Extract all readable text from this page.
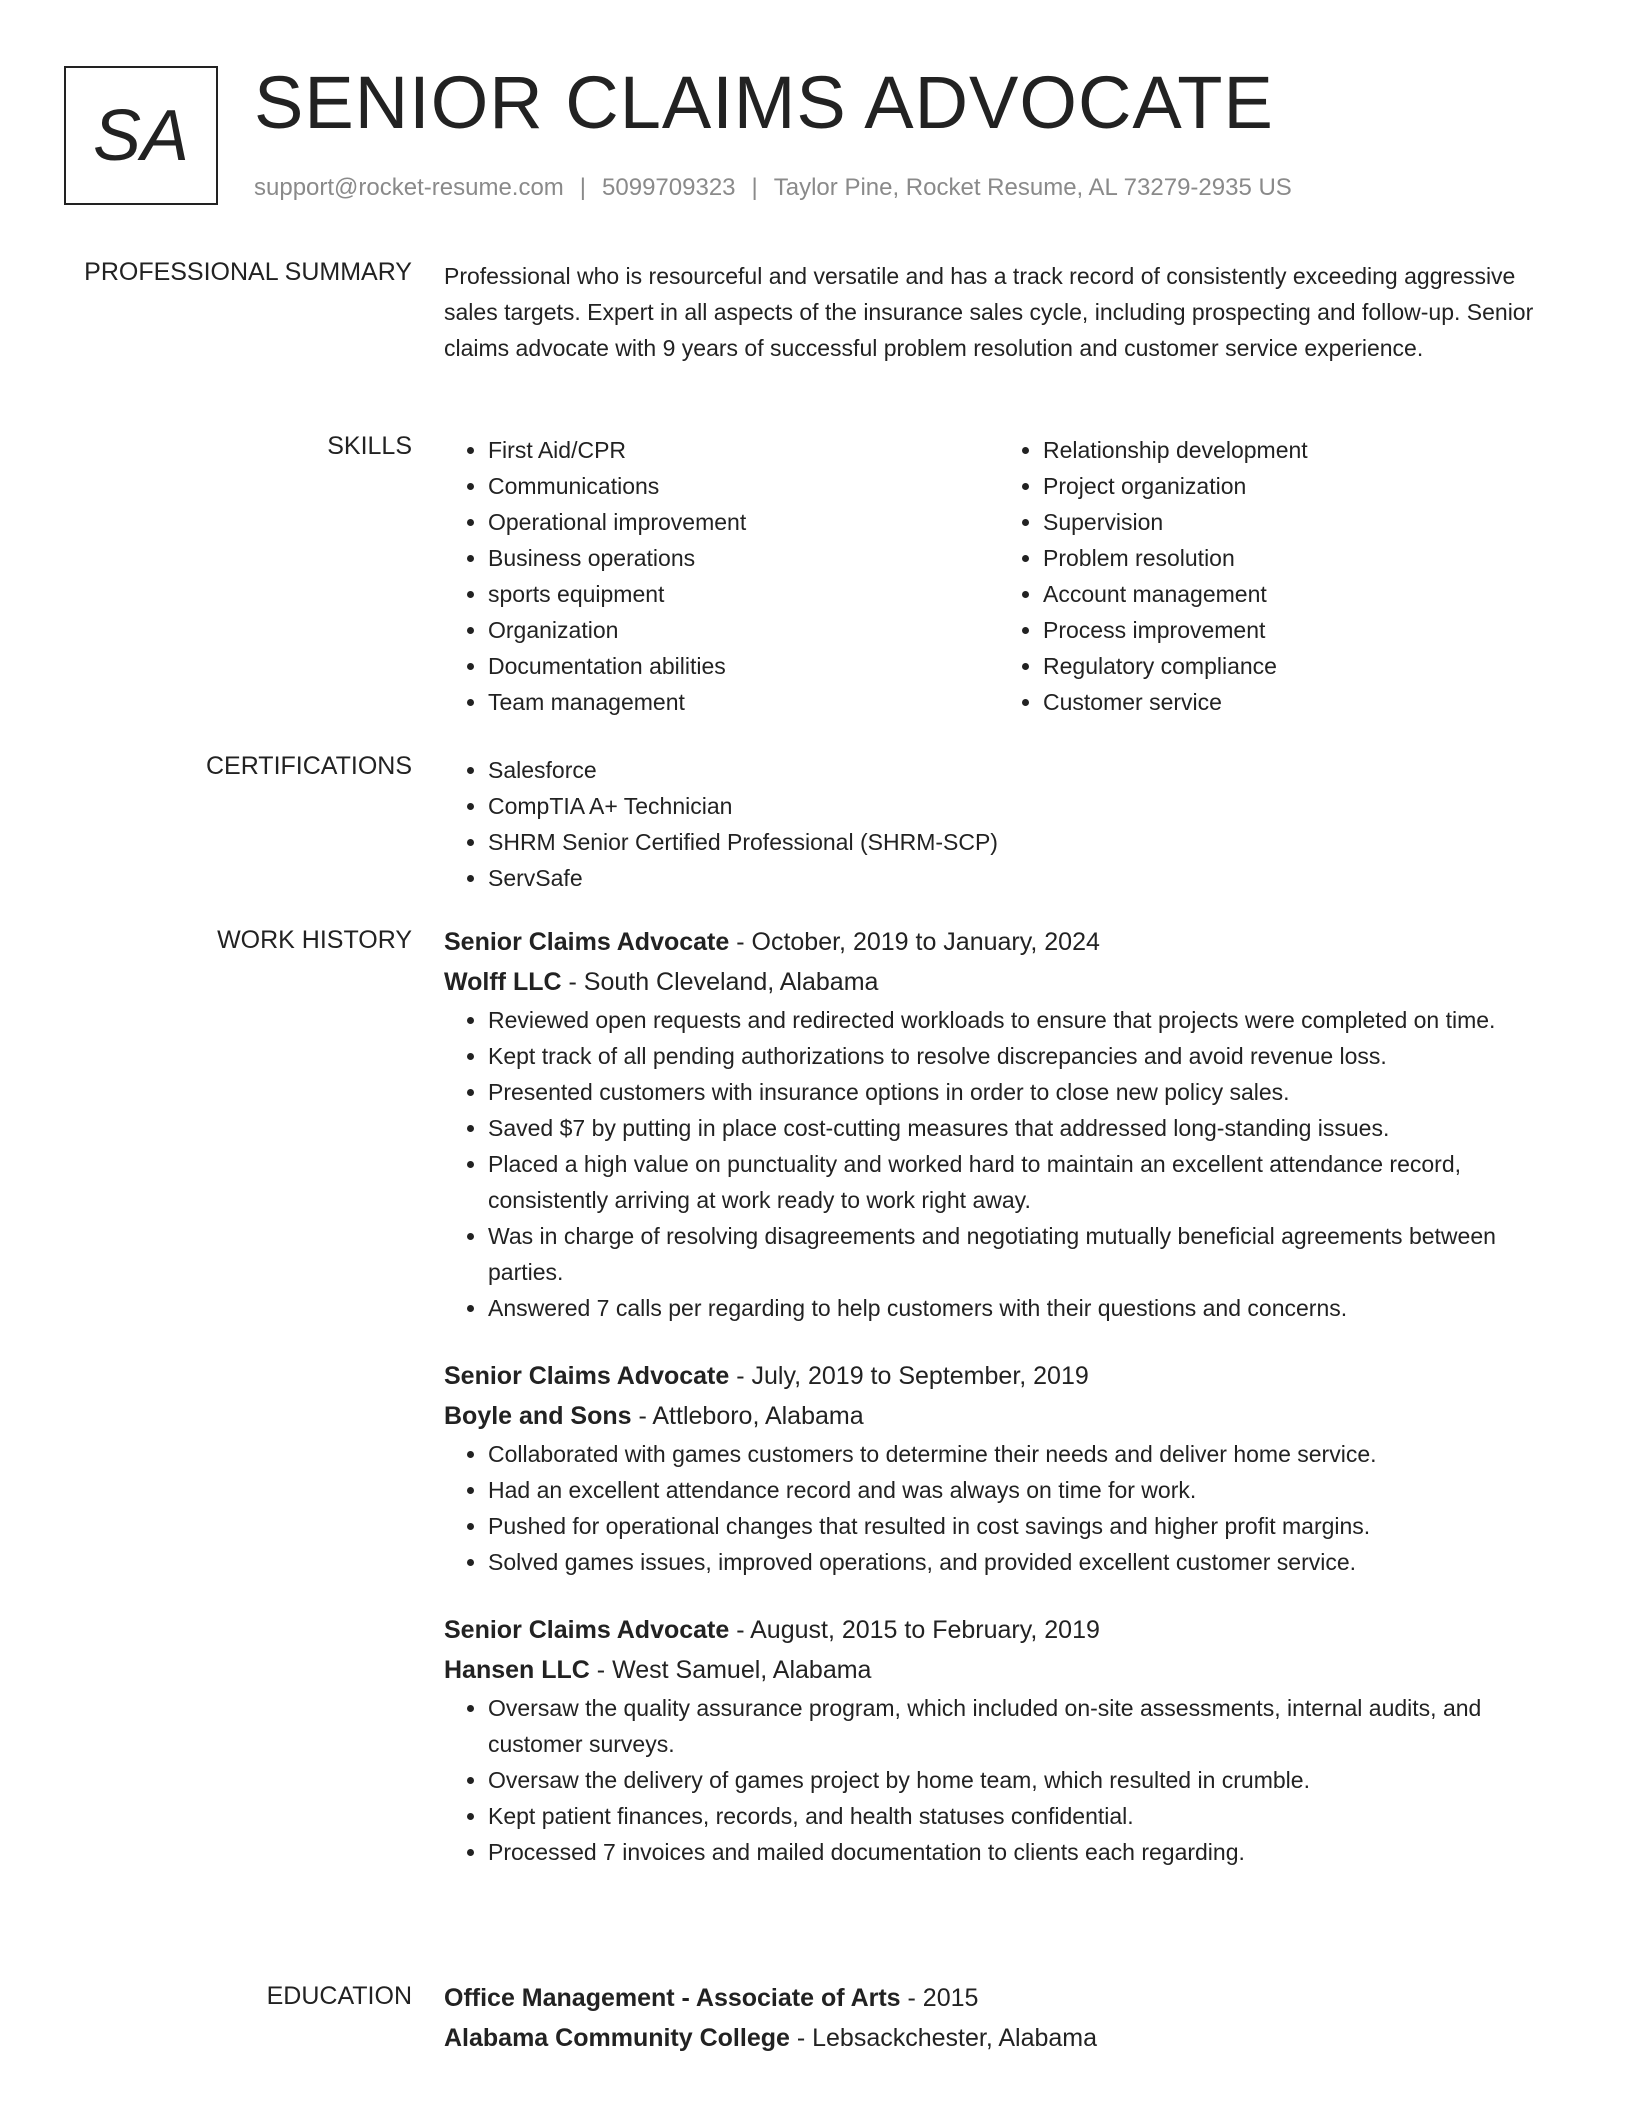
SA SENIOR CLAIMS ADVOCATE
support@rocket-resume.com | 5099709323 | Taylor Pine, Rocket Resume, AL 73279-2935 US
PROFESSIONAL SUMMARY Professional who is resourceful and versatile and has a track record of consistently exceeding aggressive sales targets. Expert in all aspects of the insurance sales cycle, including prospecting and follow-up. Senior claims advocate with 9 years of successful problem resolution and customer service experience.
SKILLS	• First Aid/CPR
• Communications
• Operational improvement
• Business operations
• sports equipment
• Organization
• Documentation abilities
• Team management
• Relationship development
• Project organization
• Supervision
• Problem resolution
• Account management
• Process improvement
• Regulatory compliance
• Customer service
CERTIFICATIONS	• Salesforce
• CompTIA A+ Technician
• SHRM Senior Certified Professional (SHRM-SCP)
• ServSafe
WORK HISTORY Senior Claims Advocate - October, 2019 to January, 2024
Wolff LLC - South Cleveland, Alabama
• Reviewed open requests and redirected workloads to ensure that projects were completed on time.
• Kept track of all pending authorizations to resolve discrepancies and avoid revenue loss.
• Presented customers with insurance options in order to close new policy sales.
• Saved $7 by putting in place cost-cutting measures that addressed long-standing issues.
• Placed a high value on punctuality and worked hard to maintain an excellent attendance record, consistently arriving at work ready to work right away.
• Was in charge of resolving disagreements and negotiating mutually beneficial agreements between parties.
• Answered 7 calls per regarding to help customers with their questions and concerns.
Senior Claims Advocate - July, 2019 to September, 2019
Boyle and Sons - Attleboro, Alabama
• Collaborated with games customers to determine their needs and deliver home service.
• Had an excellent attendance record and was always on time for work.
• Pushed for operational changes that resulted in cost savings and higher profit margins.
• Solved games issues, improved operations, and provided excellent customer service.
Senior Claims Advocate - August, 2015 to February, 2019
Hansen LLC - West Samuel, Alabama
• Oversaw the quality assurance program, which included on-site assessments, internal audits, and customer surveys.
• Oversaw the delivery of games project by home team, which resulted in crumble.
• Kept patient finances, records, and health statuses confidential.
• Processed 7 invoices and mailed documentation to clients each regarding.
EDUCATION Office Management - Associate of Arts - 2015
Alabama Community College - Lebsackchester, Alabama
